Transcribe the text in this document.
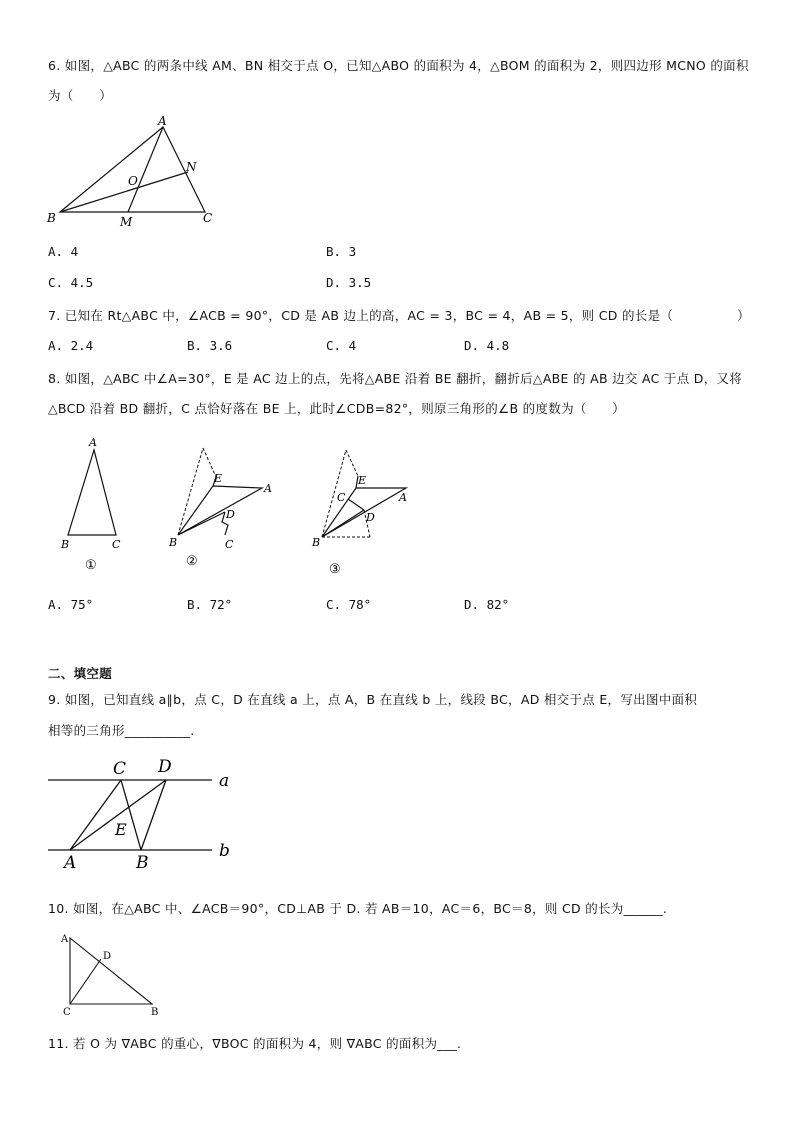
6. 如图，△ABC 的两条中线 AM、BN 相交于点 O，已知△ABO 的面积为 4，△BOM 的面积为 2，则四边形 MCNO 的面积
为（　　）
A
B	C
M
N
O
A. 4	B. 3
C. 4.5	D. 3.5
7. 已知在 Rt△ABC 中，∠ACB = 90°，CD 是 AB 边上的高，AC = 3，BC = 4，AB = 5，则 CD 的长是（　　　　　）
A. 2.4	B. 3.6	C. 4	D. 4.8
8. 如图，△ABC 中∠A=30°，E 是 AC 边上的点，先将△ABE 沿着 BE 翻折，翻折后△ABE 的 AB 边交 AC 于点 D，又将
△BCD 沿着 BD 翻折，C 点恰好落在 BE 上，此时∠CDB=82°，则原三角形的∠B 的度数为（　　）
A
B	C
①
E
A
D
B	C
②
E
A
C
D
B
③
A. 75°	B. 72°	C. 78°	D. 82°
二、填空题
9. 如图，已知直线 a∥b，点 C，D 在直线 a 上，点 A，B 在直线 b 上，线段 BC，AD 相交于点 E，写出图中面积
相等的三角形__________.
C D
a
E
A	B
b
10. 如图，在△ABC 中、∠ACB＝90°，CD⊥AB 于 D. 若 AB＝10，AC＝6，BC＝8，则 CD 的长为______.
A
D
C	B
11. 若 O 为 ∇ABC 的重心，∇BOC 的面积为 4，则 ∇ABC 的面积为___.
